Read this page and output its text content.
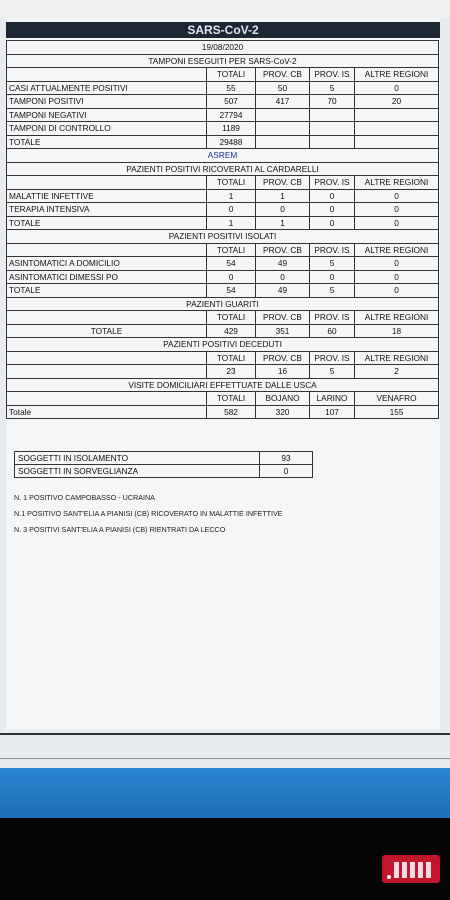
SARS-CoV-2
19/08/2020				
TAMPONI ESEGUITI PER SARS-CoV-2				
	TOTALI	PROV. CB	PROV. IS	ALTRE REGIONI
CASI ATTUALMENTE POSITIVI	55	50	5	0
TAMPONI POSITIVI	507	417	70	20
TAMPONI NEGATIVI	27794			
TAMPONI DI CONTROLLO	1189			
TOTALE	29488			
ASREM				
PAZIENTI POSITIVI RICOVERATI AL CARDARELLI				
	TOTALI	PROV. CB	PROV. IS	ALTRE REGIONI
MALATTIE INFETTIVE	1	1	0	0
TERAPIA INTENSIVA	0	0	0	0
TOTALE	1	1	0	0
PAZIENTI POSITIVI ISOLATI				
	TOTALI	PROV. CB	PROV. IS	ALTRE REGIONI
ASINTOMATICI A DOMICILIO	54	49	5	0
ASINTOMATICI DIMESSI PO	0	0	0	0
TOTALE	54	49	5	0
PAZIENTI GUARITI				
	TOTALI	PROV. CB	PROV. IS	ALTRE REGIONI
TOTALE	429	351	60	18
PAZIENTI POSITIVI DECEDUTI				
	TOTALI	PROV. CB	PROV. IS	ALTRE REGIONI
	23	16	5	2
VISITE DOMICILIARI EFFETTUATE DALLE USCA				
	TOTALI	BOJANO	LARINO	VENAFRO
Totale	582	320	107	155
SOGGETTI IN ISOLAMENTO	93
SOGGETTI IN SORVEGLIANZA	0
N. 1 POSITIVO CAMPOBASSO - UCRAINA
N.1 POSITIVO SANT'ELIA A PIANISI (CB) RICOVERATO IN MALATTIE INFETTIVE
N. 3 POSITIVI SANT'ELIA A PIANISI (CB) RIENTRATI DA LECCO
